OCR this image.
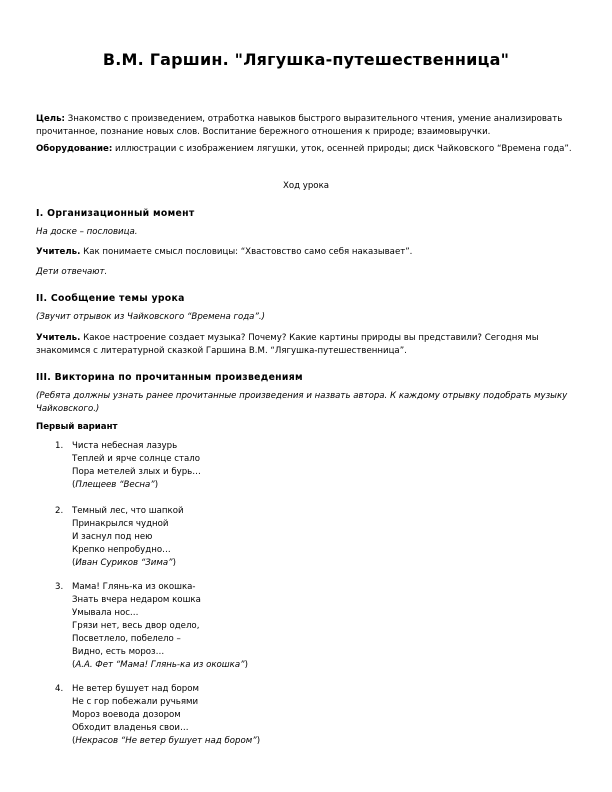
В.М. Гаршин. "Лягушка-путешественница"
Цель: Знакомство с произведением, отработка навыков быстрого выразительного чтения, умение анализировать прочитанное, познание новых слов. Воспитание бережного отношения к природе; взаимовыручки.
Оборудование: иллюстрации с изображением лягушки, уток, осенней природы; диск Чайковского “Времена года”.
Ход урока
I. Организационный момент
На доске – пословица.
Учитель. Как понимаете смысл пословицы: “Хвастовство само себя наказывает”.
Дети отвечают.
II. Сообщение темы урока
(Звучит отрывок из Чайковского “Времена года”.)
Учитель. Какое настроение создает музыка? Почему? Какие картины природы вы представили? Сегодня мы знакомимся с литературной сказкой Гаршина В.М. “Лягушка-путешественница”.
III. Викторина по прочитанным произведениям
(Ребята должны узнать ранее прочитанные произведения и назвать автора. К каждому отрывку подобрать музыку Чайковского.)
Первый вариант
1. Чиста небесная лазурь
Теплей и ярче солнце стало
Пора метелей злых и бурь…
(Плещеев “Весна”)
2. Темный лес, что шапкой
Принакрылся чудной
И заснул под нею
Крепко непробудно…
(Иван Суриков “Зима”)
3. Мама! Глянь-ка из окошка-
Знать вчера недаром кошка
Умывала нос…
Грязи нет, весь двор одело,
Посветлело, побелело –
Видно, есть мороз…
(А.А. Фет “Мама! Глянь-ка из окошка”)
4. Не ветер бушует над бором
Не с гор побежали ручьями
Мороз воевода дозором
Обходит владенья свои…
(Некрасов “Не ветер бушует над бором”)
